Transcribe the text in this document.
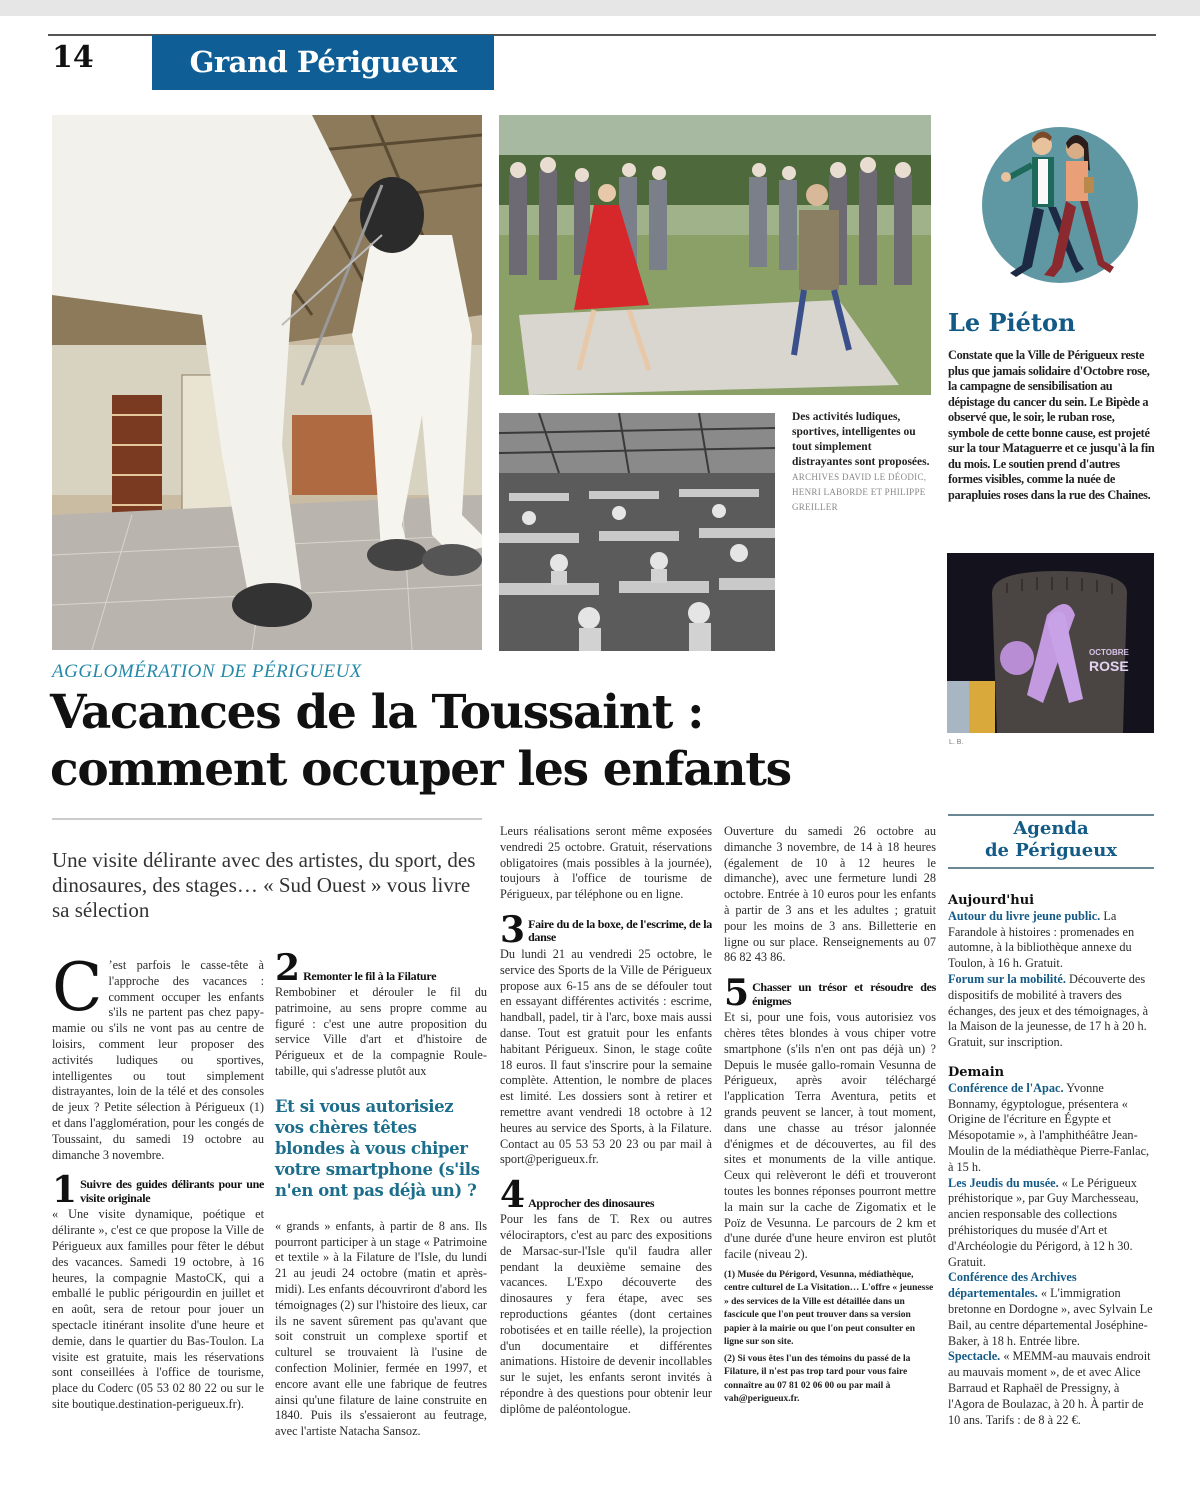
14	Grand Périgueux
Des activités ludiques, sportives, intelligentes ou tout simplement distrayantes sont proposées. ARCHIVES DAVID LE DÉODIC, HENRI LABORDE ET PHILIPPE GREILLER
Le Piéton
Constate que la Ville de Périgueux reste plus que jamais solidaire d'Octobre rose, la campagne de sensibilisation au dépistage du cancer du sein. Le Bipède a observé que, le soir, le ruban rose, symbole de cette bonne cause, est projeté sur la tour Mataguerre et ce jusqu'à la fin du mois. Le soutien prend d'autres formes visibles, comme la nuée de parapluies roses dans la rue des Chaines.
OCTOBRE
ROSE
L. B.
AGGLOMÉRATION DE PÉRIGUEUX
Vacances de la Toussaint : comment occuper les enfants
Une visite délirante avec des artistes, du sport, des dinosaures, des stages… « Sud Ouest » vous livre sa sélection

C ’est parfois le casse-tête à l'approche des vacances : comment occuper les enfants s'ils ne partent pas chez papy-mamie ou s'ils ne vont pas au centre de loisirs, comment leur proposer des activités ludiques ou sportives, intelligentes ou tout simplement distrayantes, loin de la télé et des consoles de jeux ? Petite sélection à Périgueux (1) et dans l'agglomération, pour les congés de Toussaint, du samedi 19 octobre au dimanche 3 novembre.

1 Suivre des guides délirants pour une visite originale

« Une visite dynamique, poétique et délirante », c'est ce que propose la Ville de Périgueux aux familles pour fêter le début des vacances. Samedi 19 octobre, à 16 heures, la compagnie MastoCK, qui a emballé le public périgourdin en juillet et en août, sera de retour pour jouer un spectacle itinérant insolite d'une heure et demie, dans le quartier du Bas-Toulon. La visite est gratuite, mais les réservations sont conseillées à l'office de tourisme, place du Coderc (05 53 02 80 22 ou sur le site boutique.destination-perigueux.fr).

2 Remonter le fil à la Filature

Rembobiner et dérouler le fil du patrimoine, au sens propre comme au figuré : c'est une autre proposition du service Ville d'art et d'histoire de Périgueux et de la compagnie Roule-tabille, qui s'adresse plutôt aux

Et si vous autorisiez vos chères têtes blondes à vous chiper votre smartphone (s'ils n'en ont pas déjà un) ?

« grands » enfants, à partir de 8 ans. Ils pourront participer à un stage « Patrimoine et textile » à la Filature de l'Isle, du lundi 21 au jeudi 24 octobre (matin et après-midi). Les enfants découvriront d'abord les témoignages (2) sur l'histoire des lieux, car ils ne savent sûrement pas qu'avant que soit construit un complexe sportif et culturel se trouvaient là l'usine de confection Molinier, fermée en 1997, et encore avant elle une fabrique de feutres ainsi qu'une filature de laine construite en 1840. Puis ils s'essaieront au feutrage, avec l'artiste Natacha Sansoz.

Leurs réalisations seront même exposées vendredi 25 octobre. Gratuit, réservations obligatoires (mais possibles à la journée), toujours à l'office de tourisme de Périgueux, par téléphone ou en ligne.

3 Faire du de la boxe, de l'escrime, de la danse

Du lundi 21 au vendredi 25 octobre, le service des Sports de la Ville de Périgueux propose aux 6-15 ans de se défouler tout en essayant différentes activités : escrime, handball, padel, tir à l'arc, boxe mais aussi danse. Tout est gratuit pour les enfants habitant Périgueux. Sinon, le stage coûte 18 euros. Il faut s'inscrire pour la semaine complète. Attention, le nombre de places est limité. Les dossiers sont à retirer et remettre avant vendredi 18 octobre à 12 heures au service des Sports, à la Filature. Contact au 05 53 53 20 23 ou par mail à sport@perigueux.fr.

4 Approcher des dinosaures

Pour les fans de T. Rex ou autres vélociraptors, c'est au parc des expositions de Marsac-sur-l'Isle qu'il faudra aller pendant la deuxième semaine des vacances. L'Expo découverte des dinosaures y fera étape, avec ses reproductions géantes (dont certaines robotisées et en taille réelle), la projection d'un documentaire et différentes animations. Histoire de devenir incollables sur le sujet, les enfants seront invités à répondre à des questions pour obtenir leur diplôme de paléontologue.

Ouverture du samedi 26 octobre au dimanche 3 novembre, de 14 à 18 heures (également de 10 à 12 heures le dimanche), avec une fermeture lundi 28 octobre. Entrée à 10 euros pour les enfants à partir de 3 ans et les adultes ; gratuit pour les moins de 3 ans. Billetterie en ligne ou sur place. Renseignements au 07 86 82 43 86.

5 Chasser un trésor et résoudre des énigmes

Et si, pour une fois, vous autorisiez vos chères têtes blondes à vous chiper votre smartphone (s'ils n'en ont pas déjà un) ? Depuis le musée gallo-romain Vesunna de Périgueux, après avoir téléchargé l'application Terra Aventura, petits et grands peuvent se lancer, à tout moment, dans une chasse au trésor jalonnée d'énigmes et de découvertes, au fil des sites et monuments de la ville antique. Ceux qui relèveront le défi et trouveront toutes les bonnes réponses pourront mettre la main sur la cache de Zigomatix et le Poïz de Vesunna. Le parcours de 2 km et d'une durée d'une heure environ est plutôt facile (niveau 2).

(1) Musée du Périgord, Vesunna, médiathèque, centre culturel de La Visitation… L'offre « jeunesse » des services de la Ville est détaillée dans un fascicule que l'on peut trouver dans sa version papier à la mairie ou que l'on peut consulter en ligne sur son site.

(2) Si vous êtes l'un des témoins du passé de la Filature, il n'est pas trop tard pour vous faire connaître au 07 81 02 06 00 ou par mail à vah@perigueux.fr.

Agenda
de Périgueux
Aujourd'hui

Autour du livre jeune public. La Farandole à histoires : promenades en automne, à la bibliothèque annexe du Toulon, à 16 h. Gratuit.

Forum sur la mobilité. Découverte des dispositifs de mobilité à travers des échanges, des jeux et des témoignages, à la Maison de la jeunesse, de 17 h à 20 h. Gratuit, sur inscription.

Demain

Conférence de l'Apac. Yvonne Bonnamy, égyptologue, présentera « Origine de l'écriture en Égypte et Mésopotamie », à l'amphithéâtre Jean-Moulin de la médiathèque Pierre-Fanlac, à 15 h.

Les Jeudis du musée. « Le Périgueux préhistorique », par Guy Marchesseau, ancien responsable des collections préhistoriques du musée d'Art et d'Archéologie du Périgord, à 12 h 30. Gratuit.

Conférence des Archives départementales. « L'immigration bretonne en Dordogne », avec Sylvain Le Bail, au centre départemental Joséphine-Baker, à 18 h. Entrée libre.

Spectacle. « MEMM-au mauvais endroit au mauvais moment », de et avec Alice Barraud et Raphaël de Pressigny, à l'Agora de Boulazac, à 20 h. À partir de 10 ans. Tarifs : de 8 à 22 €.
